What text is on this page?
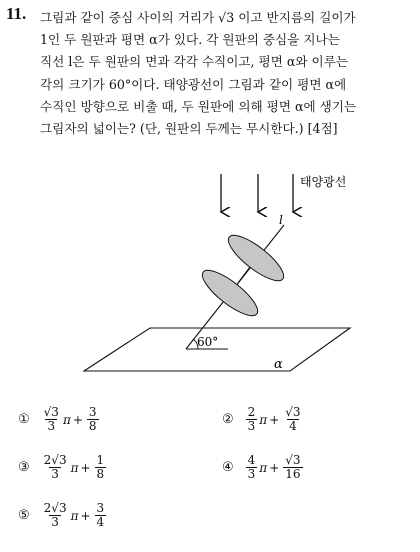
11. 그림과 같이 중심 사이의 거리가 √3 이고 반지름의 길이가
1인 두 원판과 평면 α가 있다. 각 원판의 중심을 지나는
직선 l은 두 원판의 면과 각각 수직이고, 평면 α와 이루는
각의 크기가 60°이다. 태양광선이 그림과 같이 평면 α에
수직인 방향으로 비출 때, 두 원판에 의해 평면 α에 생기는
그림자의 넓이는? (단, 원판의 두께는 무시한다.) [4점]
태양광선
α
l
60°
① $\frac{√3}{3}$ $\pi + \frac{3}{8}$	② $\frac{2}{3}$ $\pi + \frac{√3}{4}$
③ $\frac{2√3}{3}$ $\pi + \frac{1}{8}$	④ $\frac{4}{3}$ $\pi + \frac{√3}{16}$
⑤ $\frac{2√3}{3}$ $\pi + \frac{3}{4}$
